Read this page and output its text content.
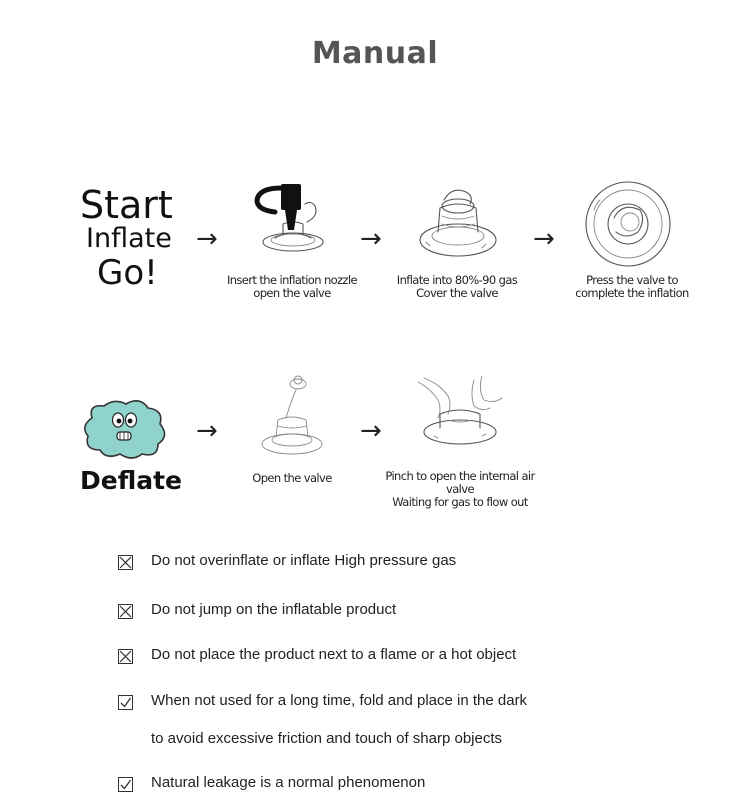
Manual
Start
Inflate
Go!
→	→	→
Insert the inflation nozzle
open the valve
Inflate into 80%-90 gas
Cover the valve
Press the valve to
complete the inflation
Deflate
→	→
Open the valve	Pinch to open the internal air valve
Waiting for gas to flow out
Do not overinflate or inflate High pressure gas
Do not jump on the inflatable product
Do not place the product next to a flame or a hot object
When not used for a long time, fold and place in the dark
to avoid excessive friction and touch of sharp objects
Natural leakage is a normal phenomenon
